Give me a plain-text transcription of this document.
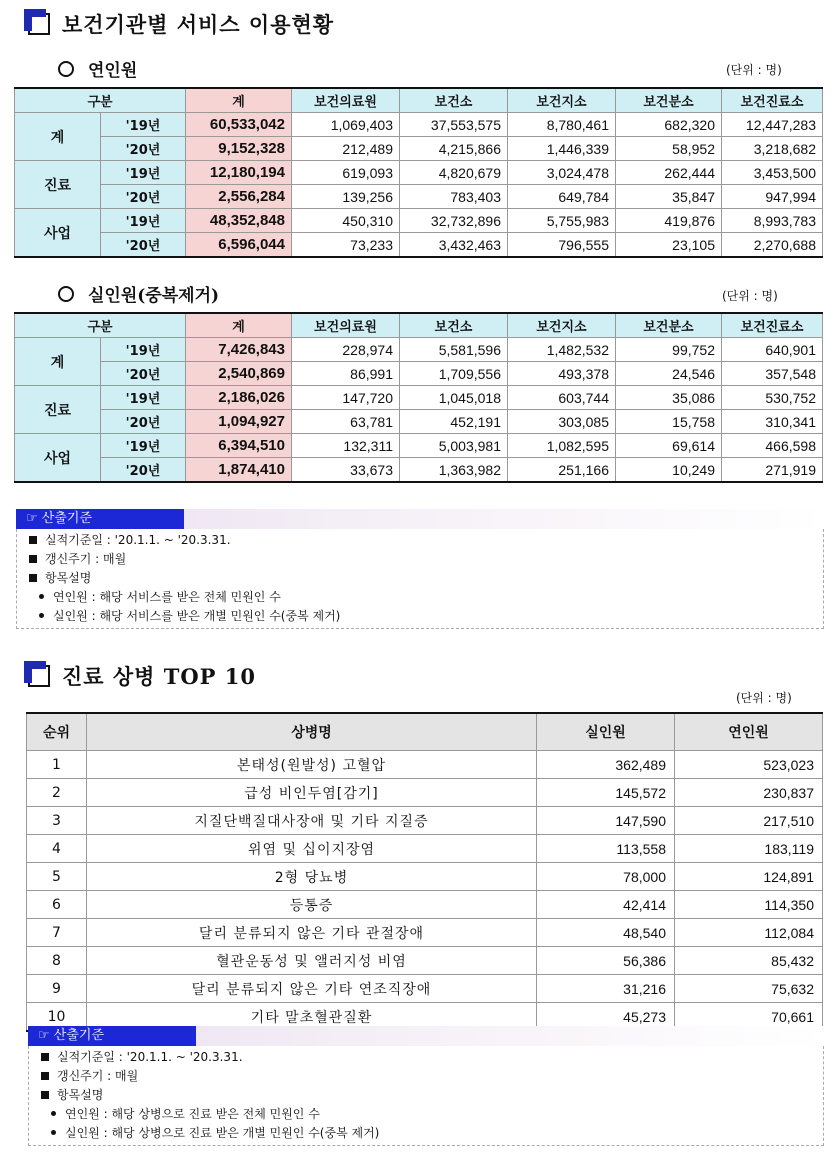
보건기관별 서비스 이용현황
연인원	(단위 : 명)
구분		계	보건의료원	보건소	보건지소	보건분소	보건진료소
계	'19년	60,533,042	1,069,403	37,553,575	8,780,461	682,320	12,447,283
	'20년	9,152,328	212,489	4,215,866	1,446,339	58,952	3,218,682
진료	'19년	12,180,194	619,093	4,820,679	3,024,478	262,444	3,453,500
	'20년	2,556,284	139,256	783,403	649,784	35,847	947,994
사업	'19년	48,352,848	450,310	32,732,896	5,755,983	419,876	8,993,783
	'20년	6,596,044	73,233	3,432,463	796,555	23,105	2,270,688
실인원(중복제거)	(단위 : 명)
구분		계	보건의료원	보건소	보건지소	보건분소	보건진료소
계	'19년	7,426,843	228,974	5,581,596	1,482,532	99,752	640,901
	'20년	2,540,869	86,991	1,709,556	493,378	24,546	357,548
진료	'19년	2,186,026	147,720	1,045,018	603,744	35,086	530,752
	'20년	1,094,927	63,781	452,191	303,085	15,758	310,341
사업	'19년	6,394,510	132,311	5,003,981	1,082,595	69,614	466,598
	'20년	1,874,410	33,673	1,363,982	251,166	10,249	271,919
☞ 산출기준
실적기준일 : '20.1.1. ~ '20.3.31.
갱신주기 : 매월
항목설명
연인원 : 해당 서비스를 받은 전체 민원인 수
실인원 : 해당 서비스를 받은 개별 민원인 수(중복 제거)
진료 상병 TOP 10
(단위 : 명)
순위	상병명	실인원	연인원
1	본태성(원발성) 고혈압	362,489	523,023
2	급성 비인두염[감기]	145,572	230,837
3	지질단백질대사장애 및 기타 지질증	147,590	217,510
4	위염 및 십이지장염	113,558	183,119
5	2형 당뇨병	78,000	124,891
6	등통증	42,414	114,350
7	달리 분류되지 않은 기타 관절장애	48,540	112,084
8	혈관운동성 및 앨러지성 비염	56,386	85,432
9	달리 분류되지 않은 기타 연조직장애	31,216	75,632
10	기타 말초혈관질환	45,273	70,661
☞ 산출기준
실적기준일 : '20.1.1. ~ '20.3.31.
갱신주기 : 매월
항목설명
연인원 : 해당 상병으로 진료 받은 전체 민원인 수
실인원 : 해당 상병으로 진료 받은 개별 민원인 수(중복 제거)
